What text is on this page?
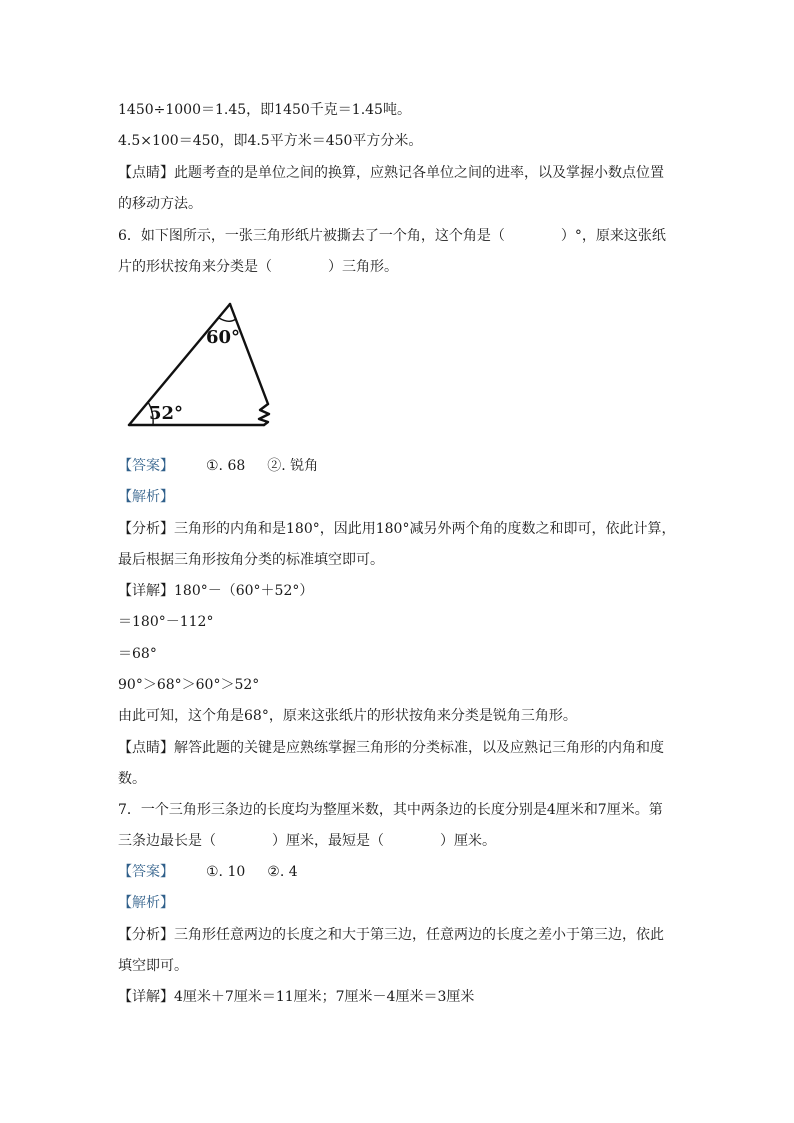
1450÷1000＝1.45，即1450千克＝1.45吨。
4.5×100＝450，即4.5平方米＝450平方分米。
【点睛】此题考查的是单位之间的换算，应熟记各单位之间的进率，以及掌握小数点位置
的移动方法。
6．如下图所示，一张三角形纸片被撕去了一个角，这个角是（　　　　）°，原来这张纸
片的形状按角来分类是（　　　　）三角形。
60°
52°
【答案】 ①. 68 ②. 锐角
【解析】
【分析】三角形的内角和是180°，因此用180°减另外两个角的度数之和即可，依此计算，
最后根据三角形按角分类的标准填空即可。
【详解】180°－（60°＋52°）
＝180°－112°
＝68°
90°＞68°＞60°＞52°
由此可知，这个角是68°，原来这张纸片的形状按角来分类是锐角三角形。
【点睛】解答此题的关键是应熟练掌握三角形的分类标准，以及应熟记三角形的内角和度
数。
7．一个三角形三条边的长度均为整厘米数，其中两条边的长度分别是4厘米和7厘米。第
三条边最长是（　　　　）厘米，最短是（　　　　）厘米。
【答案】 ①. 10 ②. 4
【解析】
【分析】三角形任意两边的长度之和大于第三边，任意两边的长度之差小于第三边，依此
填空即可。
【详解】4厘米＋7厘米＝11厘米；7厘米－4厘米＝3厘米
